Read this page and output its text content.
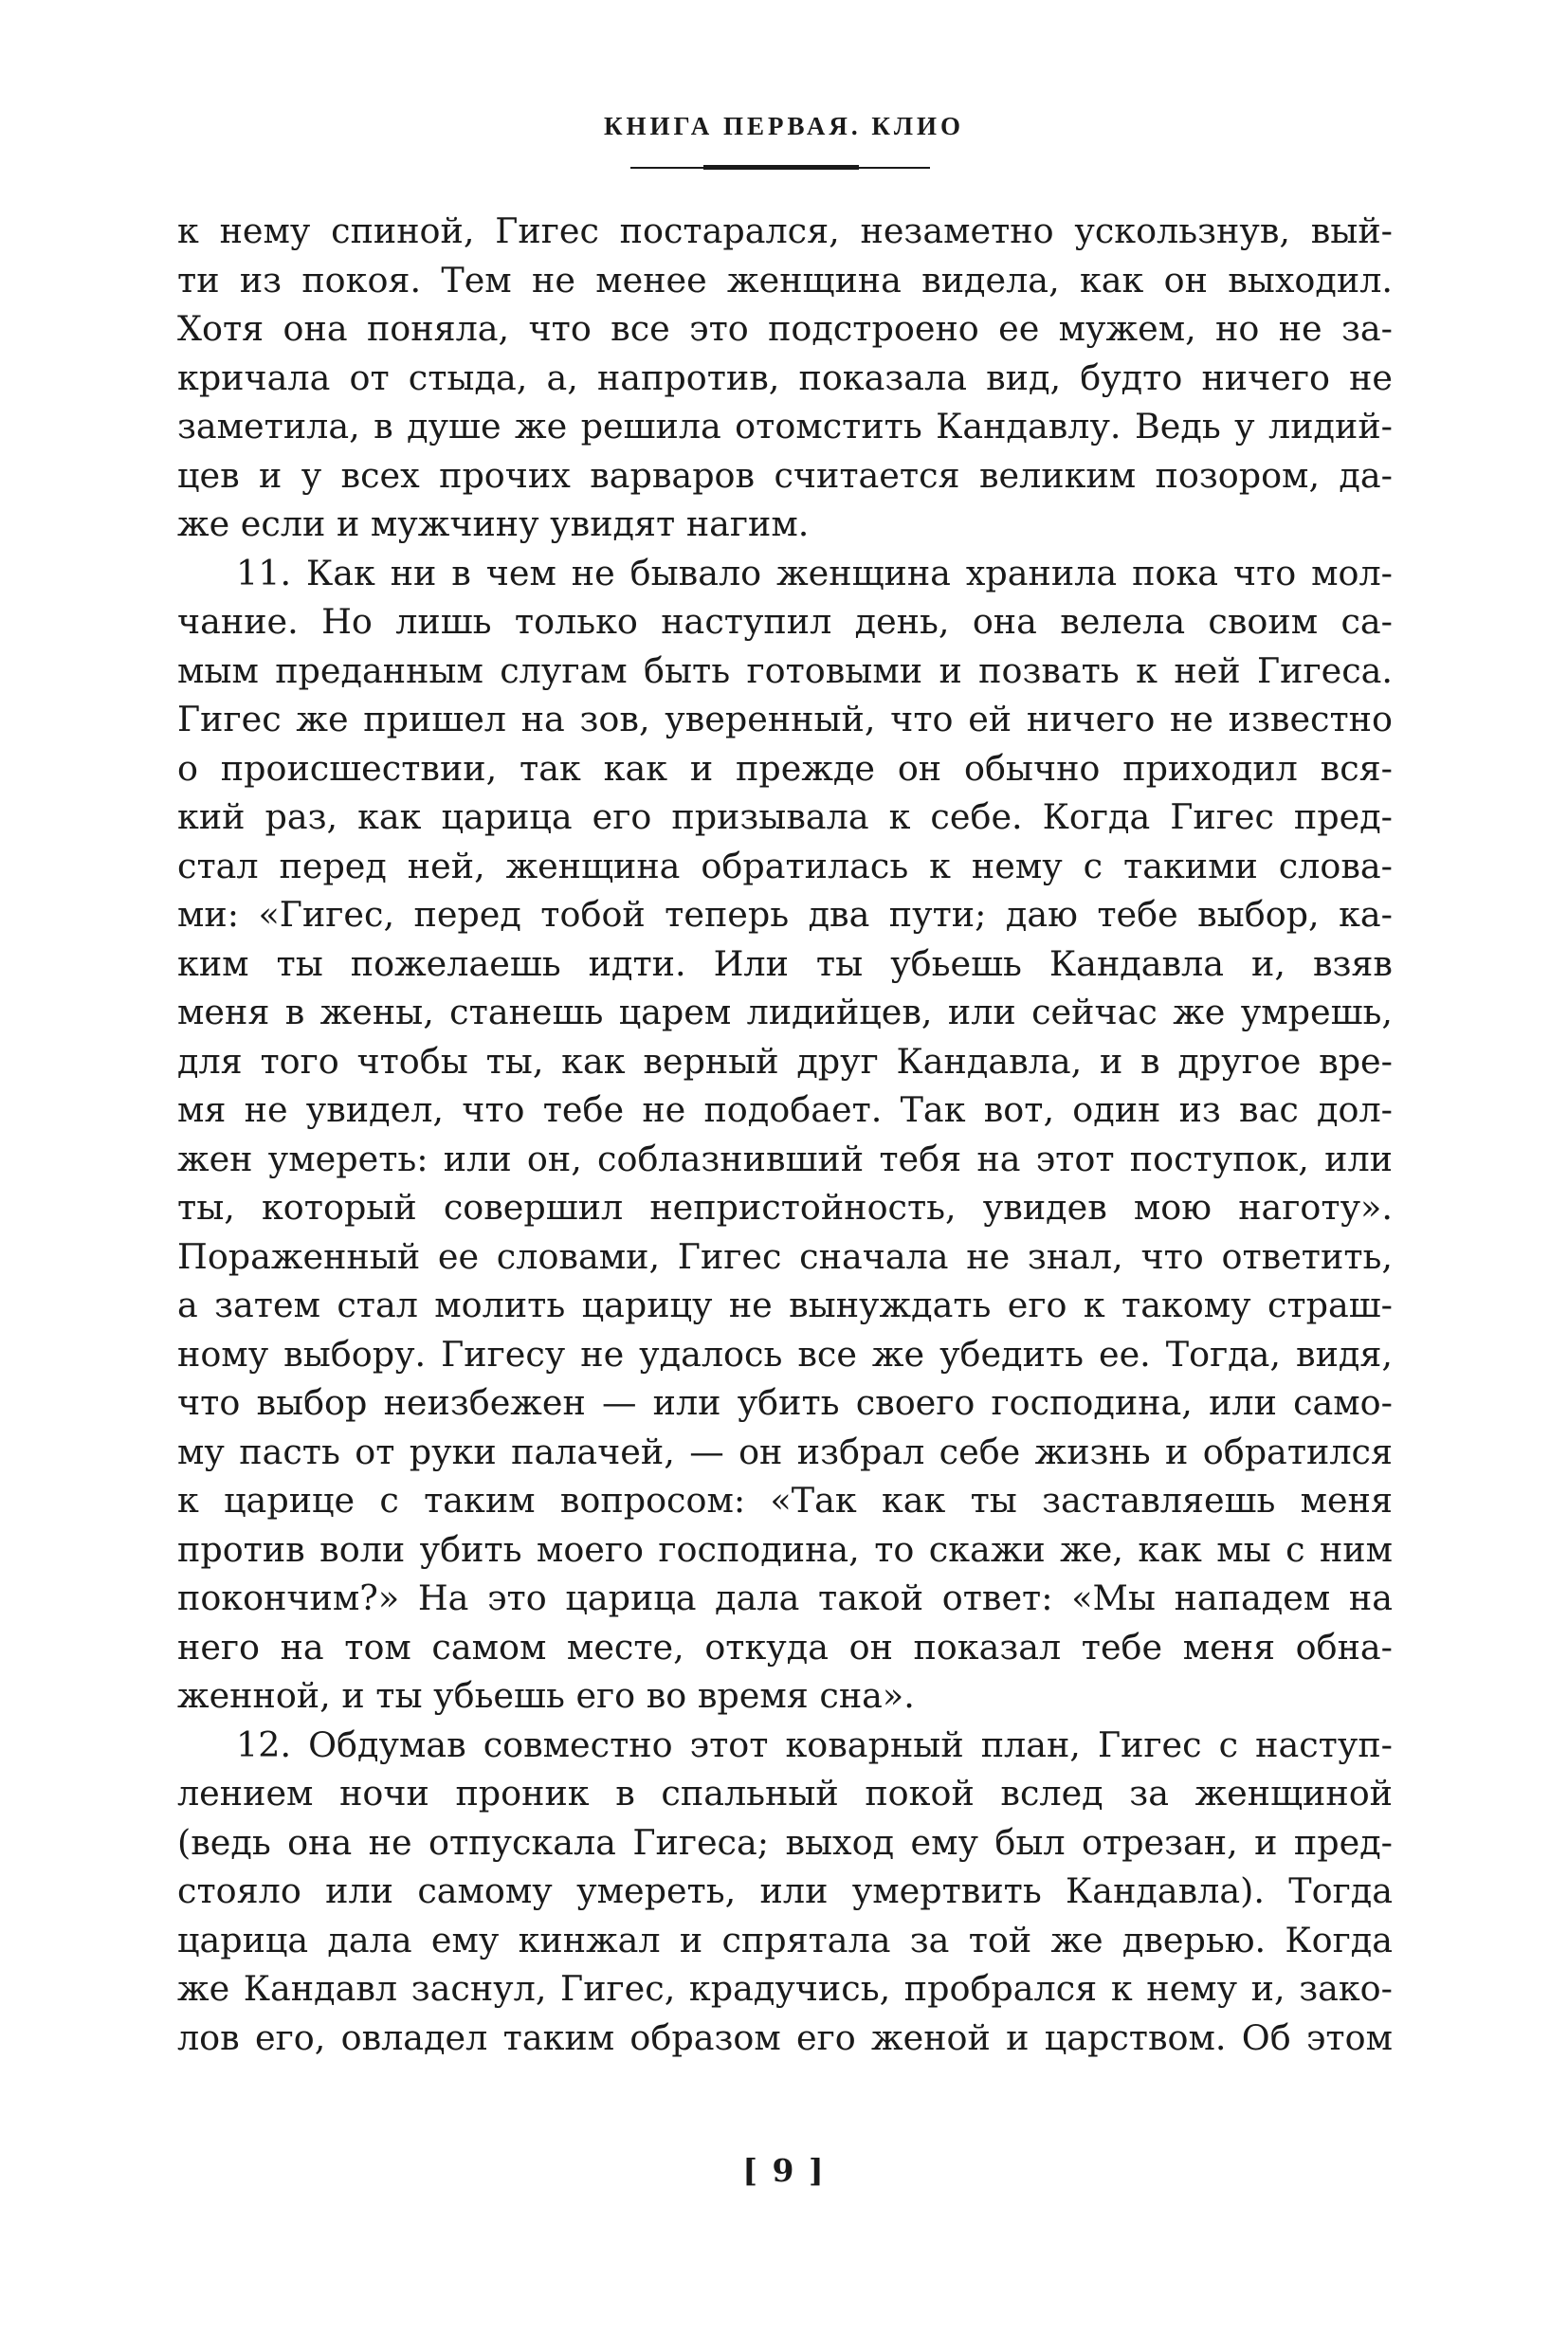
КНИГА ПЕРВАЯ. КЛИО
к нему спиной, Гигес постарался, незаметно ускользнув, вый-
ти из покоя. Тем не менее женщина видела, как он выходил.
Хотя она поняла, что все это подстроено ее мужем, но не за-
кричала от стыда, а, напротив, показала вид, будто ничего не
заметила, в душе же решила отомстить Кандавлу. Ведь у лидий-
цев и у всех прочих варваров считается великим позором, да-
же если и мужчину увидят нагим.
11. Как ни в чем не бывало женщина хранила пока что мол-
чание. Но лишь только наступил день, она велела своим са-
мым преданным слугам быть готовыми и позвать к ней Гигеса.
Гигес же пришел на зов, уверенный, что ей ничего не известно
о происшествии, так как и прежде он обычно приходил вся-
кий раз, как царица его призывала к себе. Когда Гигес пред-
стал перед ней, женщина обратилась к нему с такими слова-
ми: «Гигес, перед тобой теперь два пути; даю тебе выбор, ка-
ким ты пожелаешь идти. Или ты убьешь Кандавла и, взяв
меня в жены, станешь царем лидийцев, или сейчас же умрешь,
для того чтобы ты, как верный друг Кандавла, и в другое вре-
мя не увидел, что тебе не подобает. Так вот, один из вас дол-
жен умереть: или он, соблазнивший тебя на этот поступок, или
ты, который совершил непристойность, увидев мою наготу».
Пораженный ее словами, Гигес сначала не знал, что ответить,
а затем стал молить царицу не вынуждать его к такому страш-
ному выбору. Гигесу не удалось все же убедить ее. Тогда, видя,
что выбор неизбежен — или убить своего господина, или само-
му пасть от руки палачей, — он избрал себе жизнь и обратился
к царице с таким вопросом: «Так как ты заставляешь меня
против воли убить моего господина, то скажи же, как мы с ним
покончим?» На это царица дала такой ответ: «Мы нападем на
него на том самом месте, откуда он показал тебе меня обна-
женной, и ты убьешь его во время сна».
12. Обдумав совместно этот коварный план, Гигес с наступ-
лением ночи проник в спальный покой вслед за женщиной
(ведь она не отпускала Гигеса; выход ему был отрезан, и пред-
стояло или самому умереть, или умертвить Кандавла). Тогда
царица дала ему кинжал и спрятала за той же дверью. Когда
же Кандавл заснул, Гигес, крадучись, пробрался к нему и, зако-
лов его, овладел таким образом его женой и царством. Об этом
[ 9 ]
